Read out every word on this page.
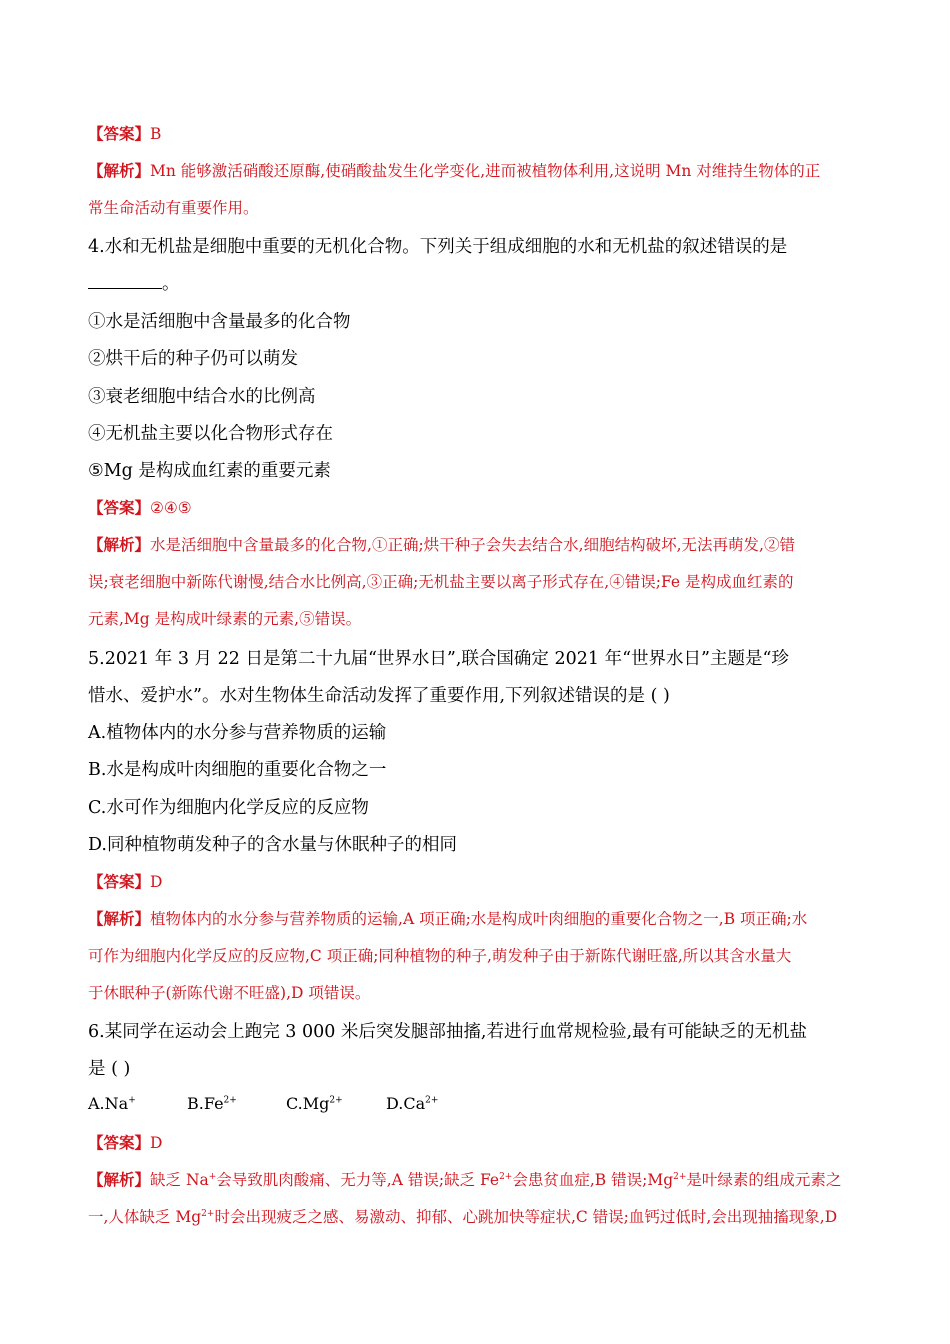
【答案】B
【解析】Mn 能够激活硝酸还原酶,使硝酸盐发生化学变化,进而被植物体利用,这说明 Mn 对维持生物体的正
常生命活动有重要作用。
4.水和无机盐是细胞中重要的无机化合物。下列关于组成细胞的水和无机盐的叙述错误的是
。
①水是活细胞中含量最多的化合物
②烘干后的种子仍可以萌发
③衰老细胞中结合水的比例高
④无机盐主要以化合物形式存在
⑤Mg 是构成血红素的重要元素
【答案】②④⑤
【解析】水是活细胞中含量最多的化合物,①正确;烘干种子会失去结合水,细胞结构破坏,无法再萌发,②错
误;衰老细胞中新陈代谢慢,结合水比例高,③正确;无机盐主要以离子形式存在,④错误;Fe 是构成血红素的
元素,Mg 是构成叶绿素的元素,⑤错误。
5.2021 年 3 月 22 日是第二十九届“世界水日”,联合国确定 2021 年“世界水日”主题是“珍
惜水、爱护水”。水对生物体生命活动发挥了重要作用,下列叙述错误的是 ( )
A.植物体内的水分参与营养物质的运输
B.水是构成叶肉细胞的重要化合物之一
C.水可作为细胞内化学反应的反应物
D.同种植物萌发种子的含水量与休眠种子的相同
【答案】D
【解析】植物体内的水分参与营养物质的运输,A 项正确;水是构成叶肉细胞的重要化合物之一,B 项正确;水
可作为细胞内化学反应的反应物,C 项正确;同种植物的种子,萌发种子由于新陈代谢旺盛,所以其含水量大
于休眠种子(新陈代谢不旺盛),D 项错误。
6.某同学在运动会上跑完 3 000 米后突发腿部抽搐,若进行血常规检验,最有可能缺乏的无机盐
是 ( )
A.Na+	$B.Fe^{2+}$	$C.Mg^{2+}$	$D.Ca^{2+}$
【答案】D
【解析】缺乏 Na+会导致肌肉酸痛、无力等,A 错误;缺乏 $Fe^{2+}$会患贫血症,B 错误$;Mg^{2+}$是叶绿素的组成元素之
一,人体缺乏 $Mg^{2+}$时会出现疲乏之感、易激动、抑郁、心跳加快等症状,C 错误;血钙过低时,会出现抽搐现象,D
